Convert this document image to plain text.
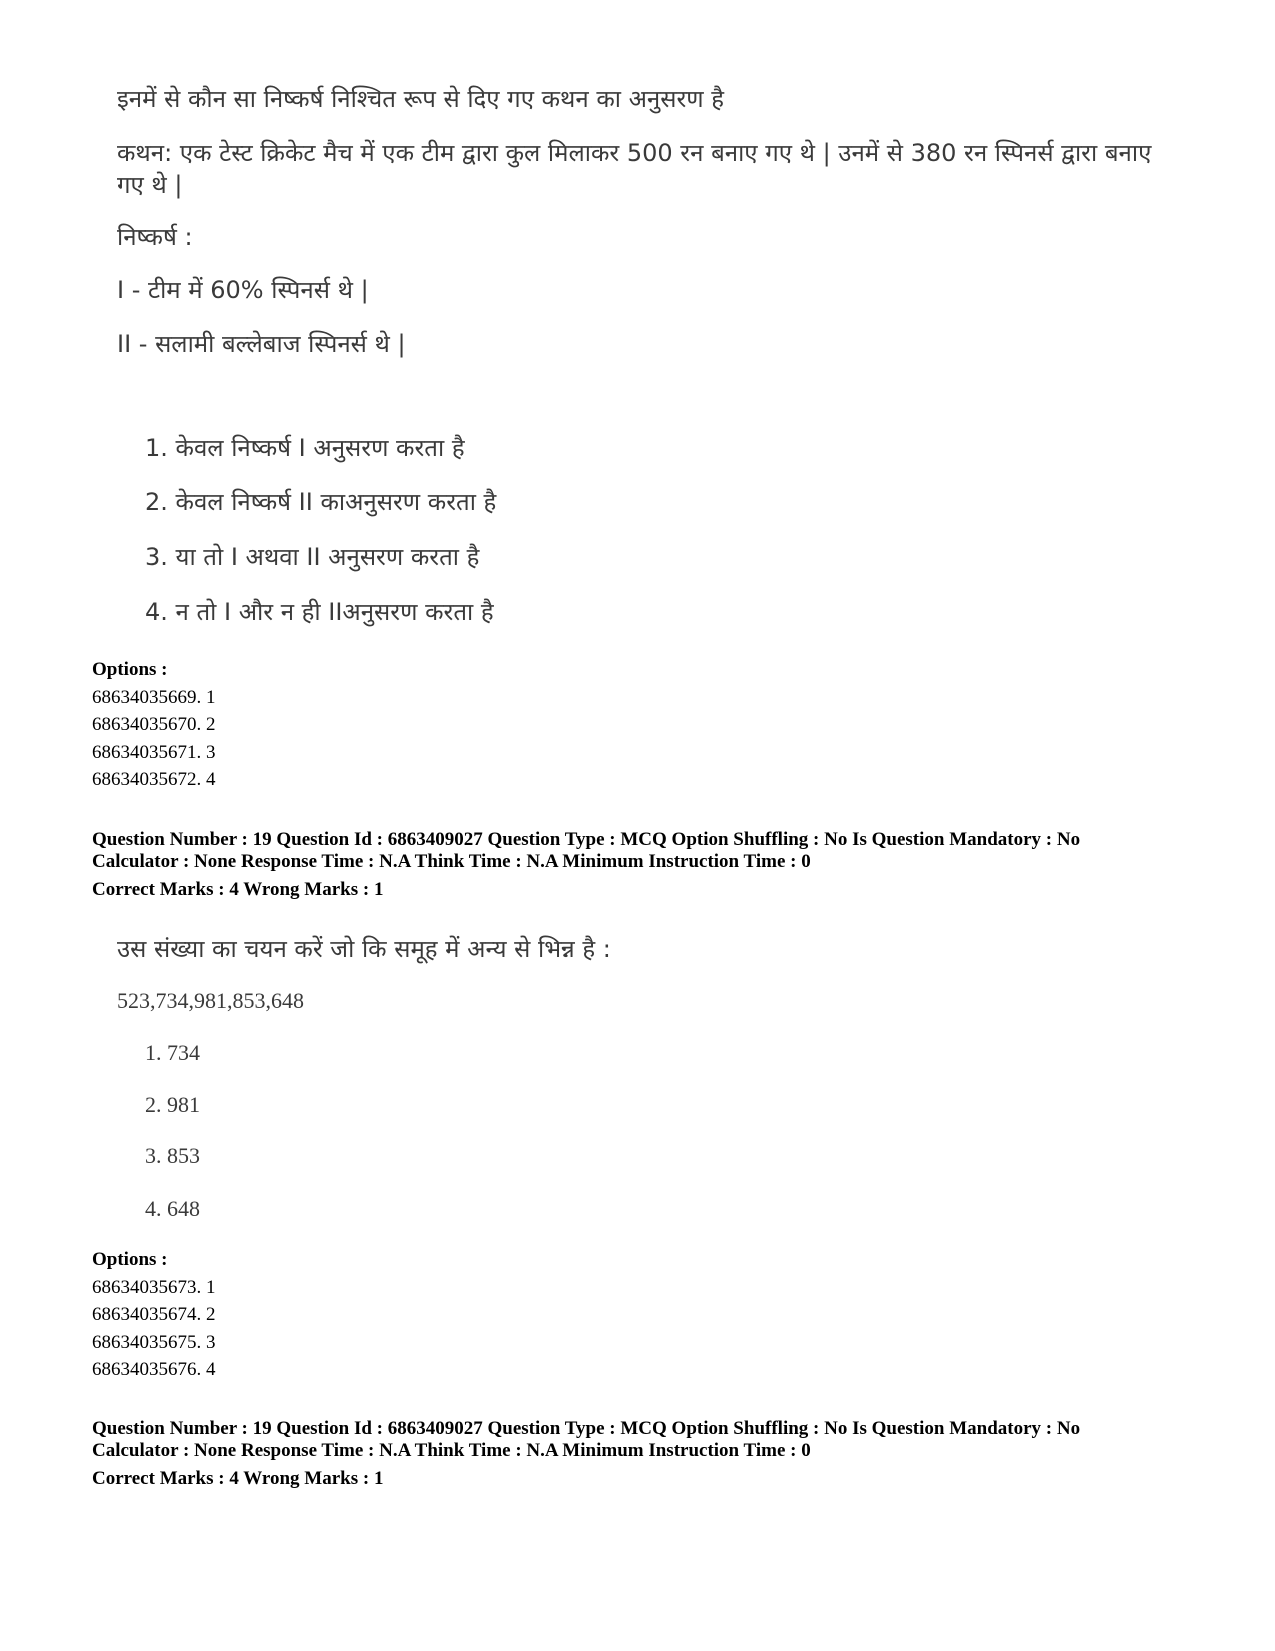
इनमें से कौन सा निष्कर्ष निश्चित रूप से दिए गए कथन का अनुसरण है
कथन: एक टेस्ट क्रिकेट मैच में एक टीम द्वारा कुल मिलाकर 500 रन बनाए गए थे | उनमें से 380 रन स्पिनर्स द्वारा बनाए गए थे |
निष्कर्ष :
I - टीम में 60% स्पिनर्स थे |
II - सलामी बल्लेबाज स्पिनर्स थे |
1. केवल निष्कर्ष I अनुसरण करता है
2. केवल निष्कर्ष II काअनुसरण करता है
3. या तो I अथवा II अनुसरण करता है
4. न तो I और न ही IIअनुसरण करता है
Options :
68634035669. 1
68634035670. 2
68634035671. 3
68634035672. 4
Question Number : 19 Question Id : 6863409027 Question Type : MCQ Option Shuffling : No Is Question Mandatory : No
Calculator : None Response Time : N.A Think Time : N.A Minimum Instruction Time : 0
Correct Marks : 4 Wrong Marks : 1
उस संख्या का चयन करें जो कि समूह में अन्य से भिन्न है :
523,734,981,853,648
1. 734
2. 981
3. 853
4. 648
Options :
68634035673. 1
68634035674. 2
68634035675. 3
68634035676. 4
Question Number : 19 Question Id : 6863409027 Question Type : MCQ Option Shuffling : No Is Question Mandatory : No
Calculator : None Response Time : N.A Think Time : N.A Minimum Instruction Time : 0
Correct Marks : 4 Wrong Marks : 1
